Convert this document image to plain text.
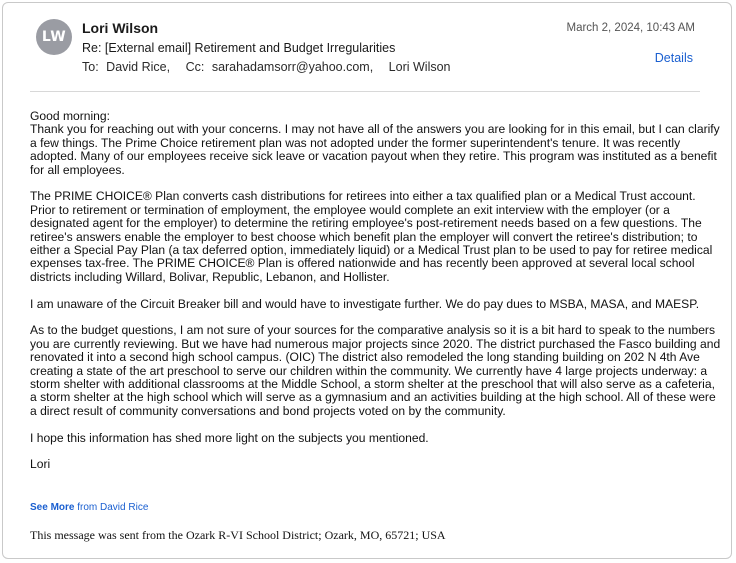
LW
Lori Wilson
Re: [External email] Retirement and Budget Irregularities
To: David Rice, Cc: sarahadamsorr@yahoo.com, Lori Wilson
March 2, 2024, 10:43 AM
Details

Good morning:

Thank you for reaching out with your concerns. I may not have all of the answers you are looking for in this email, but I can clarify a few things. The Prime Choice retirement plan was not adopted under the former superintendent's tenure. It was recently adopted. Many of our employees receive sick leave or vacation payout when they retire. This program was instituted as a benefit for all employees.

The PRIME CHOICE® Plan converts cash distributions for retirees into either a tax qualified plan or a Medical Trust account. Prior to retirement or termination of employment, the employee would complete an exit interview with the employer (or a designated agent for the employer) to determine the retiring employee's post-retirement needs based on a few questions. The retiree's answers enable the employer to best choose which benefit plan the employer will convert the retiree's distribution; to either a Special Pay Plan (a tax deferred option, immediately liquid) or a Medical Trust plan to be used to pay for retiree medical expenses tax-free. The PRIME CHOICE® Plan is offered nationwide and has recently been approved at several local school districts including Willard, Bolivar, Republic, Lebanon, and Hollister.

I am unaware of the Circuit Breaker bill and would have to investigate further. We do pay dues to MSBA, MASA, and MAESP.

As to the budget questions, I am not sure of your sources for the comparative analysis so it is a bit hard to speak to the numbers you are currently reviewing. But we have had numerous major projects since 2020. The district purchased the Fasco building and renovated it into a second high school campus. (OIC) The district also remodeled the long standing building on 202 N 4th Ave creating a state of the art preschool to serve our children within the community. We currently have 4 large projects underway: a storm shelter with additional classrooms at the Middle School, a storm shelter at the preschool that will also serve as a cafeteria, a storm shelter at the high school which will serve as a gymnasium and an activities building at the high school. All of these were a direct result of community conversations and bond projects voted on by the community.

I hope this information has shed more light on the subjects you mentioned.

Lori

See More from David Rice
This message was sent from the Ozark R-VI School District; Ozark, MO, 65721; USA
